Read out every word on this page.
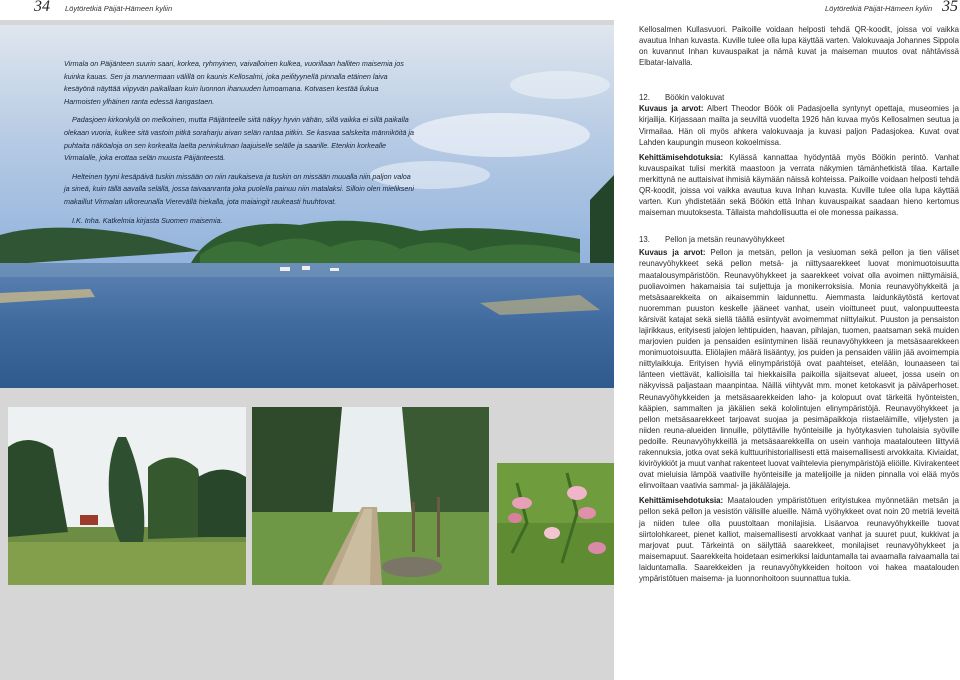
34 Löytöretkiä Päijät-Hämeen kyliin

Virmala on Päijänteen suurin saari, korkea, ryhmyinen, vaivalloinen kulkea, vuorillaan halliten maisemia jos kuinka kauas. Sen ja mannermaan välillä on kaunis Kellosalmi, joka peilityynellä pinnalla etäinen laiva kesäyönä näyttää viipyvän paikallaan kuin luonnon ihanuuden lumoamana. Kotvasen kestää liukua Harmoisten ylhäinen ranta edessä kangastaen.

Padasjoen kirkonkylä on melkoinen, mutta Päijänteelle siitä näkyy hyvin vähän, sillä vaikka ei sillä paikalla olekaan vuoria, kulkee sitä vastoin pitkä soraharju aivan selän rantaa pitkin. Se kasvaa salskeita männiköitä ja puhtaita näköaloja on sen korkealta laelta peninkulman laajuiselle selälle ja saarille. Etenkin korkealle Virmalalle, joka erottaa selän muusta Päijänteestä.

Helteinen tyyni kesäpäivä tuskin missään on niin raukaiseva ja tuskin on missään muualla niin paljon valoa ja sineä, kuin tällä aavalla selällä, jossa taivaanranta joka puolella painuu niin matalaksi. Silloin olen mielikseni makaillut Virmalan ulkoreunalla Vierevällä hiekalla, jota maiaingit raukeasti huuhtovat.

I.K. Inha. Katkelmia kirjasta Suomen maisemia.

Löytöretkiä Päijät-Hämeen kyliin 35

Kellosalmen Kullasvuori. Paikoille voidaan helposti tehdä QR-koodit, joissa voi vaikka avautua Inhan kuvasta. Kuville tulee olla lupa käyttää varten. Valokuvaaja Johannes Sippola on kuvannut Inhan kuvauspaikat ja nämä kuvat ja maiseman muutos ovat nähtävissä Elbatar-laivalla.

12. Böökin valokuvat

Kuvaus ja arvot: Albert Theodor Böök oli Padasjoella syntynyt opettaja, museomies ja kirjailija. Kirjassaan mailta ja seuviltä vuodelta 1926 hän kuvaa myös Kellosalmen seutua ja Virmailaa. Hän oli myös ahkera valokuvaaja ja kuvasi paljon Padasjokea. Kuvat ovat Lahden kaupungin museon kokoelmissa.

Kehittämisehdotuksia: Kylässä kannattaa hyödyntää myös Böökin perintö. Vanhat kuvauspaikat tulisi merkitä maastoon ja verrata näkymien tämänhetkistä tilaa. Kartalle merkittynä ne auttaisivat ihmisiä käymään näissä kohteissa. Paikoille voidaan helposti tehdä QR-koodit, joissa voi vaikka avautua kuva Inhan kuvasta. Kuville tulee olla lupa käyttää varten. Kun yhdistetään sekä Böökin että Inhan kuvauspaikat saadaan hieno kertomus maiseman muutoksesta. Tällaista mahdollisuutta ei ole monessa paikassa.

13. Pellon ja metsän reunavyöhykkeet

Kuvaus ja arvot: Pellon ja metsän, pellon ja vesiuoman sekä pellon ja tien väliset reunavyöhykkeet sekä pellon metsä- ja niittysaarekkeet luovat monimuotoisuutta maatalousympäristöön. Reunavyöhykkeet ja saarekkeet voivat olla avoimen niittymäisiä, puoliavoimen hakamaisia tai suljettuja ja monikerroksisia. Monia reunavyöhykkeitä ja metsäsaarekkeita on aikaisemmin laidunnettu. Aiemmasta laidunkäytöstä kertovat nuoremman puuston keskelle jääneet vanhat, usein vioittuneet puut, valonpuutteesta kärsivät katajat sekä siellä täällä esiintyvät avoimemmat niittylaikut. Puuston ja pensaiston lajirikkaus, erityisesti jalojen lehtipuiden, haavan, pihlajan, tuomen, paatsaman sekä muiden marjovien puiden ja pensaiden esiintyminen lisää reunavyöhykkeen ja metsäsaarekkeen monimuotoisuutta. Eliölajien määrä lisääntyy, jos puiden ja pensaiden väliin jää avoimempia niittylaikkuja. Erityisen hyviä elinympäristöjä ovat paahteiset, etelään, lounaaseen tai länteen viettävät, kallioisilla tai hiekkaisilla paikoilla sijaitsevat alueet, jossa usein on näkyvissä paljastaan maanpintaa. Näillä viihtyvät mm. monet ketokasvit ja päiväperhoset. Reunavyöhykkeiden ja metsäsaarekkeiden laho- ja kolopuut ovat tärkeitä hyönteisten, kääpien, sammalten ja jäkälien sekä kololintujen elinympäristöjä. Reunavyöhykkeet ja pellon metsäsaarekkeet tarjoavat suojaa ja pesimäpaikkoja riistaeläimille, viljelysten ja niiden reuna-alueiden linnuille, pölyttäville hyönteisille ja hyötykasvien tuholaisia syöville pedoille. Reunavyöhykkeillä ja metsäsaarekkeilla on usein vanhoja maatalouteen liittyviä rakennuksia, jotka ovat sekä kulttuurihistoriallisesti että maisemallisesti arvokkaita. Kiviaidat, kiviröykkiöt ja muut vanhat rakenteet luovat vaihtelevia pienympäristöjä eliöille. Kivirakenteet ovat mieluisia lämpöä vaativille hyönteisille ja matelijoille ja niiden pinnalla voi elää myös elinvoiltaan vaativia sammal- ja jäkälälajeja.

Kehittämisehdotuksia: Maatalouden ympäristötuen erityistukea myönnetään metsän ja pellon sekä pellon ja vesistön välisille alueille. Nämä vyöhykkeet ovat noin 20 metriä leveitä ja niiden tulee olla puustoltaan monilajisia. Lisäarvoa reunavyöhykkeille tuovat siirtolohkareet, pienet kalliot, maisemallisesti arvokkaat vanhat ja suuret puut, kukkivat ja marjovat puut. Tärkeintä on säilyttää saarekkeet, monilajiset reunavyöhykkeet ja maisemapuut. Saarekkeita hoidetaan esimerkiksi laiduntamalla tai avaamalla raivaamalla tai laiduntamalla. Saarekkeiden ja reunavyöhykkeiden hoitoon voi hakea maatalouden ympäristötuen maisema- ja luonnonhoitoon suunnattua tukia.
